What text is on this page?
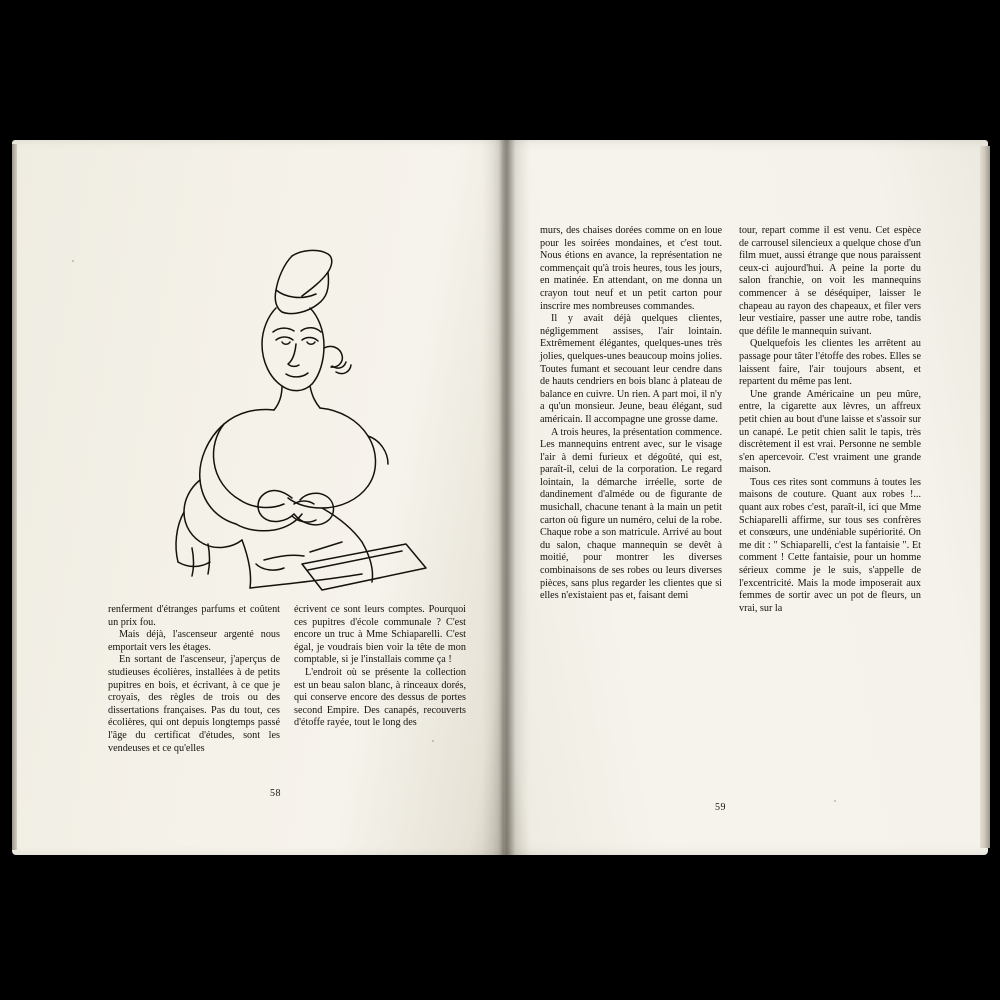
renferment d'étranges parfums et coûtent un prix fou.

Mais déjà, l'ascenseur argenté nous emportait vers les étages.

En sortant de l'ascenseur, j'aperçus de studieuses écolières, installées à de petits pupitres en bois, et écrivant, à ce que je croyais, des règles de trois ou des dissertations françaises. Pas du tout, ces écolières, qui ont depuis longtemps passé l'âge du certificat d'études, sont les vendeuses et ce qu'elles

écrivent ce sont leurs comptes. Pourquoi ces pupitres d'école communale ? C'est encore un truc à Mme Schiaparelli. C'est égal, je voudrais bien voir la tête de mon comptable, si je l'installais comme ça !

L'endroit où se présente la collection est un beau salon blanc, à rinceaux dorés, qui conserve encore des dessus de portes second Empire. Des canapés, recouverts d'étoffe rayée, tout le long des

58

murs, des chaises dorées comme on en loue pour les soirées mondaines, et c'est tout. Nous étions en avance, la représentation ne commençait qu'à trois heures, tous les jours, en matinée. En attendant, on me donna un crayon tout neuf et un petit carton pour inscrire mes nombreuses commandes.

Il y avait déjà quelques clientes, négligemment assises, l'air lointain. Extrêmement élégantes, quelques-unes très jolies, quelques-unes beaucoup moins jolies. Toutes fumant et secouant leur cendre dans de hauts cendriers en bois blanc à plateau de balance en cuivre. Un rien. A part moi, il n'y a qu'un monsieur. Jeune, beau élégant, sud américain. Il accompagne une grosse dame.

A trois heures, la présentation commence. Les mannequins entrent avec, sur le visage l'air à demi furieux et dégoûté, qui est, paraît-il, celui de la corporation. Le regard lointain, la démarche irréelle, sorte de dandinement d'alméde ou de figurante de musichall, chacune tenant à la main un petit carton où figure un numéro, celui de la robe. Chaque robe a son matricule. Arrivé au bout du salon, chaque mannequin se devêt à moitié, pour montrer les diverses combinaisons de ses robes ou leurs diverses pièces, sans plus regarder les clientes que si elles n'existaient pas et, faisant demi

tour, repart comme il est venu. Cet espèce de carrousel silencieux a quelque chose d'un film muet, aussi étrange que nous paraissent ceux-ci aujourd'hui. A peine la porte du salon franchie, on voit les mannequins commencer à se déséquiper, laisser le chapeau au rayon des chapeaux, et filer vers leur vestiaire, passer une autre robe, tandis que défile le mannequin suivant.

Quelquefois les clientes les arrêtent au passage pour tâter l'étoffe des robes. Elles se laissent faire, l'air toujours absent, et repartent du même pas lent.

Une grande Américaine un peu mûre, entre, la cigarette aux lèvres, un affreux petit chien au bout d'une laisse et s'assoir sur un canapé. Le petit chien salit le tapis, très discrètement il est vrai. Personne ne semble s'en apercevoir. C'est vraiment une grande maison.

Tous ces rites sont communs à toutes les maisons de couture. Quant aux robes !... quant aux robes c'est, paraît-il, ici que Mme Schiaparelli affirme, sur tous ses confrères et consœurs, une undéniable supériorité. On me dit : " Schiaparelli, c'est la fantaisie ". Et comment ! Cette fantaisie, pour un homme sérieux comme je le suis, s'appelle de l'excentricité. Mais la mode imposerait aux femmes de sortir avec un pot de fleurs, un vrai, sur la

59
